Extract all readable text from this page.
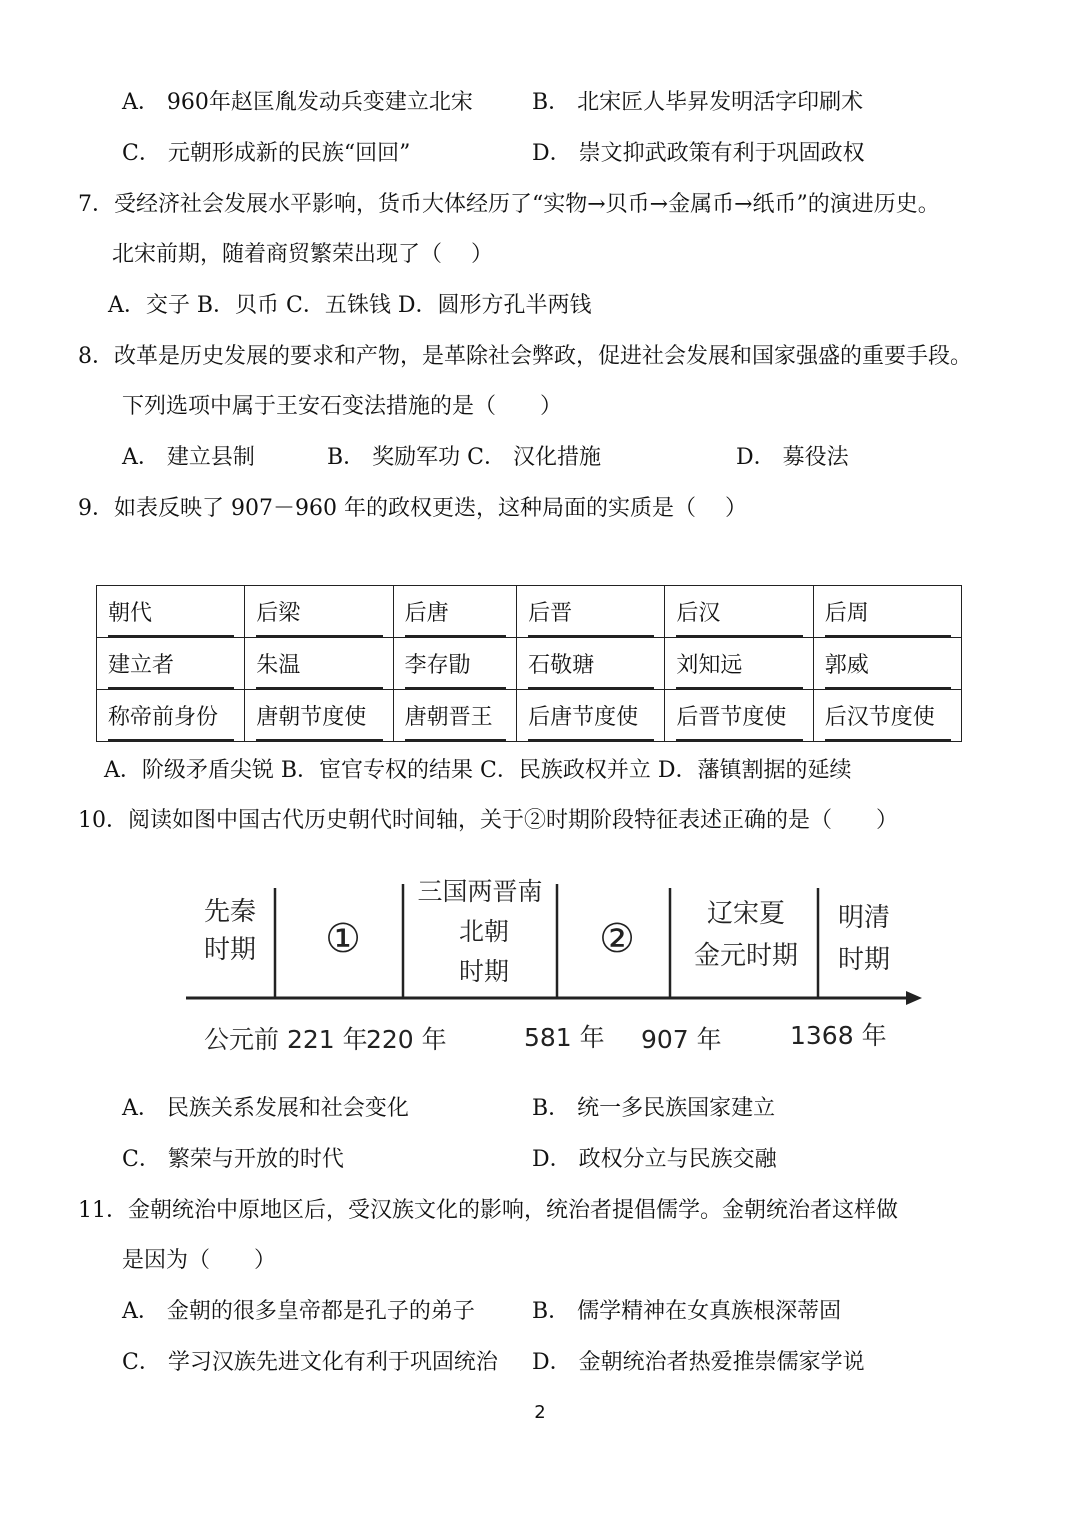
A． 960年赵匡胤发动兵变建立北宋	B． 北宋匠人毕昇发明活字印刷术
C． 元朝形成新的民族“回回”	D． 崇文抑武政策有利于巩固政权
7．受经济社会发展水平影响，货币大体经历了“实物→贝币→金属币→纸币”的演进历史。
北宋前期，随着商贸繁荣出现了（　 ）
A．交子 B．贝币 C．五铢钱 D．圆形方孔半两钱
8．改革是历史发展的要求和产物，是革除社会弊政，促进社会发展和国家强盛的重要手段。
下列选项中属于王安石变法措施的是（　　）
A． 建立县制	B． 奖励军功 C． 汉化措施	D． 募役法
9．如表反映了 907－960 年的政权更迭，这种局面的实质是（　 ）
朝代	后梁	后唐	后晋	后汉	后周

建立者	朱温	李存勖	石敬瑭	刘知远	郭威

称帝前身份	唐朝节度使	唐朝晋王	后唐节度使	后晋节度使	后汉节度使
A．阶级矛盾尖锐 B．宦官专权的结果 C．民族政权并立 D．藩镇割据的延续
10．阅读如图中国古代历史朝代时间轴，关于②时期阶段特征表述正确的是（　　）
先秦
时期 ①
三国两晋南
北朝
时期
②
辽宋夏
金元时期
明清
时期
公元前 221 年
220 年	581 年 907 年	1368 年
A． 民族关系发展和社会变化	B． 统一多民族国家建立
C． 繁荣与开放的时代	D． 政权分立与民族交融
11．金朝统治中原地区后，受汉族文化的影响，统治者提倡儒学。金朝统治者这样做
是因为（　　）
A． 金朝的很多皇帝都是孔子的弟子	B． 儒学精神在女真族根深蒂固
C． 学习汉族先进文化有利于巩固统治 D． 金朝统治者热爱推崇儒家学说
2
